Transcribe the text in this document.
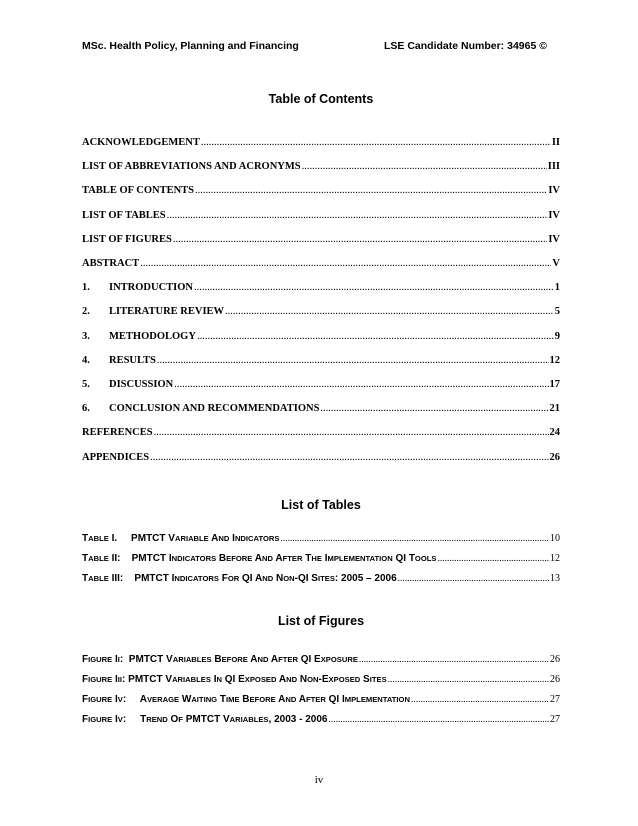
MSc. Health Policy, Planning and Financing	LSE Candidate Number: 34965 ©
Table of Contents
ACKNOWLEDGEMENT .....	II
LIST OF ABBREVIATIONS AND ACRONYMS .....	III
TABLE OF CONTENTS .....	IV
LIST OF TABLES .....	IV
LIST OF FIGURES .....	IV
ABSTRACT .....	V
1.	INTRODUCTION .....	1
2.	LITERATURE REVIEW .....	5
3.	METHODOLOGY .....	9
4.	RESULTS .....	12
5.	DISCUSSION .....	17
6.	CONCLUSION AND RECOMMENDATIONS .....	21
REFERENCES .....	24
APPENDICES .....	26
List of Tables
TABLE I. PMTCT VARIABLE AND INDICATORS .....	10
TABLE II: PMTCT INDICATORS BEFORE AND AFTER THE IMPLEMENTATION QI TOOLS .....	12
TABLE III: PMTCT INDICATORS FOR QI AND NON-QI SITES: 2005 – 2006 .....	13
List of Figures
FIGURE II: PMTCT VARIABLES BEFORE AND AFTER QI EXPOSURE .....	26
FIGURE III: PMTCT VARIABLES IN QI EXPOSED AND NON-EXPOSED SITES .....	26
FIGURE IV: AVERAGE WAITING TIME BEFORE AND AFTER QI IMPLEMENTATION .....	27
FIGURE IV: TREND OF PMTCT VARIABLES, 2003 - 2006 .....	27
iv
